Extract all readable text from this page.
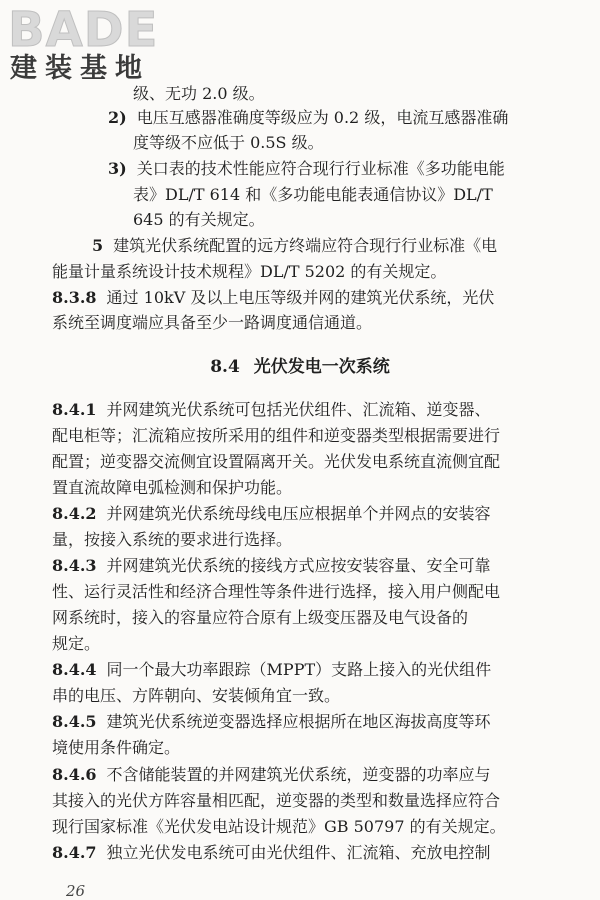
BADE
建装基地
级、无功 2.0 级。
2) 电压互感器准确度等级应为 0.2 级，电流互感器准确
度等级不应低于 0.5S 级。
3) 关口表的技术性能应符合现行行业标准《多功能电能
表》DL/T 614 和《多功能电能表通信协议》DL/T
645 的有关规定。
5 建筑光伏系统配置的远方终端应符合现行行业标准《电
能量计量系统设计技术规程》DL/T 5202 的有关规定。
8.3.8 通过 10kV 及以上电压等级并网的建筑光伏系统，光伏
系统至调度端应具备至少一路调度通信通道。
8.4 光伏发电一次系统
8.4.1 并网建筑光伏系统可包括光伏组件、汇流箱、逆变器、
配电柜等；汇流箱应按所采用的组件和逆变器类型根据需要进行
配置；逆变器交流侧宜设置隔离开关。光伏发电系统直流侧宜配
置直流故障电弧检测和保护功能。
8.4.2 并网建筑光伏系统母线电压应根据单个并网点的安装容
量，按接入系统的要求进行选择。
8.4.3 并网建筑光伏系统的接线方式应按安装容量、安全可靠
性、运行灵活性和经济合理性等条件进行选择，接入用户侧配电
网系统时，接入的容量应符合原有上级变压器及电气设备的
规定。
8.4.4 同一个最大功率跟踪（MPPT）支路上接入的光伏组件
串的电压、方阵朝向、安装倾角宜一致。
8.4.5 建筑光伏系统逆变器选择应根据所在地区海拔高度等环
境使用条件确定。
8.4.6 不含储能装置的并网建筑光伏系统，逆变器的功率应与
其接入的光伏方阵容量相匹配，逆变器的类型和数量选择应符合
现行国家标准《光伏发电站设计规范》GB 50797 的有关规定。
8.4.7 独立光伏发电系统可由光伏组件、汇流箱、充放电控制
26
